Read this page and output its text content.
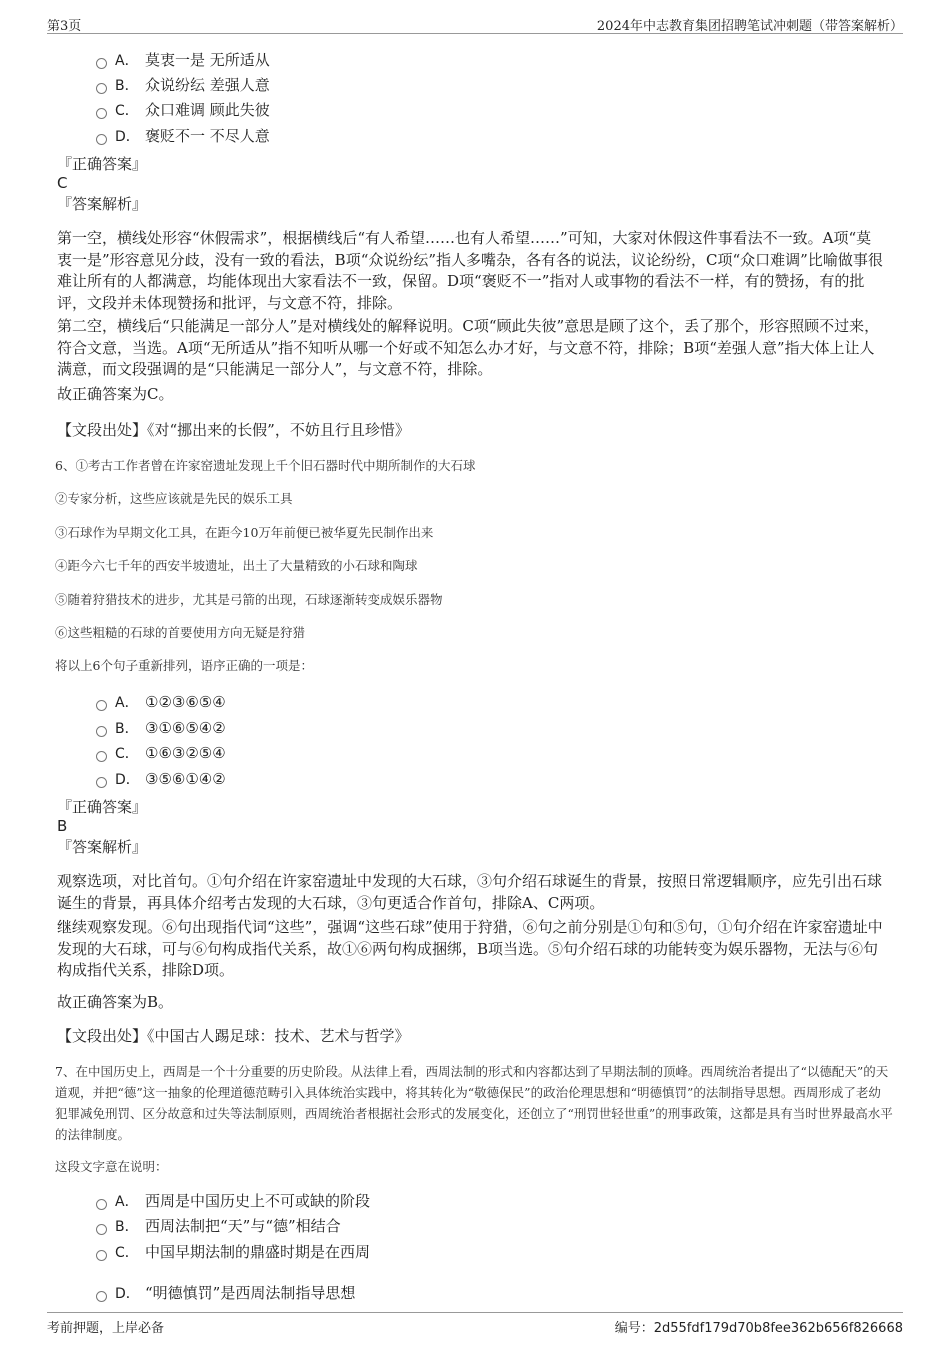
第3页	2024年中志教育集团招聘笔试冲刺题（带答案解析）
A． 莫衷一是 无所适从
B． 众说纷纭 差强人意
C． 众口难调 顾此失彼
D． 褒贬不一 不尽人意
『正确答案』
C
『答案解析』
第一空，横线处形容“休假需求”，根据横线后“有人希望……也有人希望……”可知，大家对休假这件事看法不一致。A项“莫衷一是”形容意见分歧，没有一致的看法，B项“众说纷纭”指人多嘴杂，各有各的说法，议论纷纷，C项“众口难调”比喻做事很难让所有的人都满意，均能体现出大家看法不一致，保留。D项“褒贬不一”指对人或事物的看法不一样，有的赞扬，有的批评，文段并未体现赞扬和批评，与文意不符，排除。
第二空，横线后“只能满足一部分人”是对横线处的解释说明。C项“顾此失彼”意思是顾了这个，丢了那个，形容照顾不过来，符合文意，当选。A项“无所适从”指不知听从哪一个好或不知怎么办才好，与文意不符，排除；B项“差强人意”指大体上让人满意，而文段强调的是“只能满足一部分人”，与文意不符，排除。
故正确答案为C。
【文段出处】《对“挪出来的长假”，不妨且行且珍惜》
6、①考古工作者曾在许家窑遗址发现上千个旧石器时代中期所制作的大石球
②专家分析，这些应该就是先民的娱乐工具
③石球作为早期文化工具，在距今10万年前便已被华夏先民制作出来
④距今六七千年的西安半坡遗址，出土了大量精致的小石球和陶球
⑤随着狩猎技术的进步，尤其是弓箭的出现，石球逐渐转变成娱乐器物
⑥这些粗糙的石球的首要使用方向无疑是狩猎
将以上6个句子重新排列，语序正确的一项是：
A． ①②③⑥⑤④
B． ③①⑥⑤④②
C． ①⑥③②⑤④
D． ③⑤⑥①④②
『正确答案』
B
『答案解析』
观察选项，对比首句。①句介绍在许家窑遗址中发现的大石球，③句介绍石球诞生的背景，按照日常逻辑顺序，应先引出石球诞生的背景，再具体介绍考古发现的大石球，③句更适合作首句，排除A、C两项。
继续观察发现。⑥句出现指代词“这些”，强调“这些石球”使用于狩猎，⑥句之前分别是①句和⑤句，①句介绍在许家窑遗址中发现的大石球，可与⑥句构成指代关系，故①⑥两句构成捆绑，B项当选。⑤句介绍石球的功能转变为娱乐器物，无法与⑥句构成指代关系，排除D项。
故正确答案为B。
【文段出处】《中国古人踢足球：技术、艺术与哲学》
7、在中国历史上，西周是一个十分重要的历史阶段。从法律上看，西周法制的形式和内容都达到了早期法制的顶峰。西周统治者提出了“以德配天”的天道观，并把“德”这一抽象的伦理道德范畴引入具体统治实践中，将其转化为“敬德保民”的政治伦理思想和“明德慎罚”的法制指导思想。西周形成了老幼犯罪减免刑罚、区分故意和过失等法制原则，西周统治者根据社会形式的发展变化，还创立了“刑罚世轻世重”的刑事政策，这都是具有当时世界最高水平的法律制度。
这段文字意在说明：
A． 西周是中国历史上不可或缺的阶段
B． 西周法制把“天”与“德”相结合
C． 中国早期法制的鼎盛时期是在西周
D． “明德慎罚”是西周法制指导思想
考前押题，上岸必备	编号：2d55fdf179d70b8fee362b656f826668
